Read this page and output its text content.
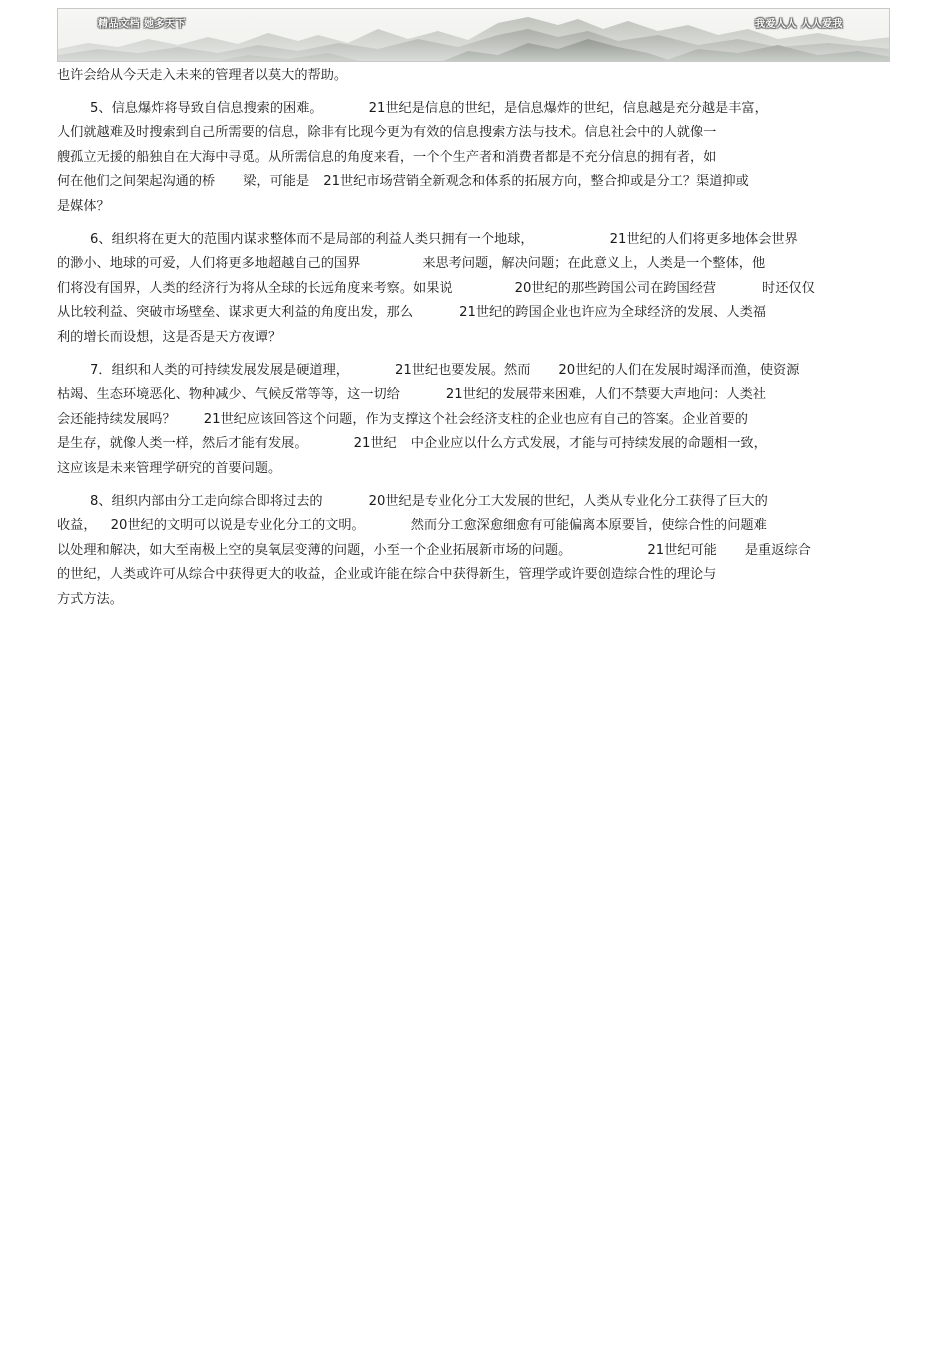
精品文档 她多天下	我爱人人 人人爱我

也许会给从今天走入未来的管理者以莫大的帮助。

5、信息爆炸将导致自信息搜索的困难。	21世纪是信息的世纪，是信息爆炸的世纪，信息越是充分越是丰富，
人们就越难及时搜索到自己所需要的信息，除非有比现今更为有效的信息搜索方法与技术。信息社会中的人就像一
艘孤立无援的船独自在大海中寻觅。从所需信息的角度来看，一个个生产者和消费者都是不充分信息的拥有者，如
何在他们之间架起沟通的桥 梁，可能是 21世纪市场营销全新观念和体系的拓展方向，整合抑或是分工？渠道抑或
是媒体？

6、组织将在更大的范围内谋求整体而不是局部的利益人类只拥有一个地球，	21世纪的人们将更多地体会世界
的渺小、地球的可爱，人们将更多地超越自己的国界	来思考问题，解决问题；在此意义上，人类是一个整体，他
们将没有国界，人类的经济行为将从全球的长远角度来考察。如果说	20世纪的那些跨国公司在跨国经营	时还仅仅
从比较利益、突破市场壁垒、谋求更大利益的角度出发，那么	21世纪的跨国企业也许应为全球经济的发展、人类福
利的增长而设想，这是否是天方夜谭？

7．组织和人类的可持续发展发展是硬道理，	21世纪也要发展。然而 20世纪的人们在发展时竭泽而渔，使资源
枯竭、生态环境恶化、物种减少、气候反常等等，这一切给	21世纪的发展带来困难，人们不禁要大声地问：人类社
会还能持续发展吗？ 21世纪应该回答这个问题，作为支撑这个社会经济支柱的企业也应有自己的答案。企业首要的
是生存，就像人类一样，然后才能有发展。	21世纪 中企业应以什么方式发展，才能与可持续发展的命题相一致，
这应该是未来管理学研究的首要问题。

8、组织内部由分工走向综合即将过去的	20世纪是专业化分工大发展的世纪，人类从专业化分工获得了巨大的
收益， 20世纪的文明可以说是专业化分工的文明。	然而分工愈深愈细愈有可能偏离本原要旨，使综合性的问题难
以处理和解决，如大至南极上空的臭氧层变薄的问题，小至一个企业拓展新市场的问题。	21世纪可能 是重返综合
的世纪，人类或许可从综合中获得更大的收益，企业或许能在综合中获得新生，管理学或许要创造综合性的理论与
方式方法。
